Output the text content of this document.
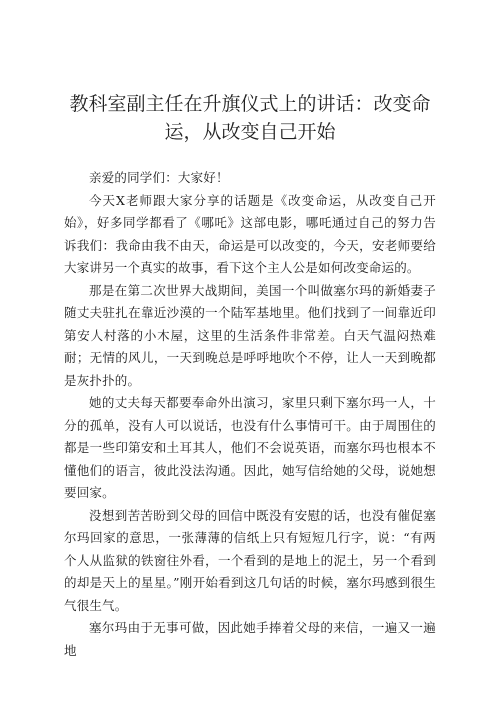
教科室副主任在升旗仪式上的讲话：改变命运，从改变自己开始

亲爱的同学们：大家好！

今天X老师跟大家分享的话题是《改变命运，从改变自己开始》，好多同学都看了《哪吒》这部电影，哪吒通过自己的努力告诉我们：我命由我不由天，命运是可以改变的，今天，安老师要给大家讲另一个真实的故事，看下这个主人公是如何改变命运的。

那是在第二次世界大战期间，美国一个叫做塞尔玛的新婚妻子随丈夫驻扎在靠近沙漠的一个陆军基地里。他们找到了一间靠近印第安人村落的小木屋，这里的生活条件非常差。白天气温闷热难耐；无情的风儿，一天到晚总是呼呼地吹个不停，让人一天到晚都是灰扑扑的。

她的丈夫每天都要奉命外出演习，家里只剩下塞尔玛一人，十分的孤单，没有人可以说话，也没有什么事情可干。由于周围住的都是一些印第安和土耳其人，他们不会说英语，而塞尔玛也根本不懂他们的语言，彼此没法沟通。因此，她写信给她的父母，说她想要回家。

没想到苦苦盼到父母的回信中既没有安慰的话，也没有催促塞尔玛回家的意思，一张薄薄的信纸上只有短短几行字，说：“有两个人从监狱的铁窗往外看，一个看到的是地上的泥土，另一个看到的却是天上的星星。”刚开始看到这几句话的时候，塞尔玛感到很生气很生气。

塞尔玛由于无事可做，因此她手捧着父母的来信，一遍又一遍地
